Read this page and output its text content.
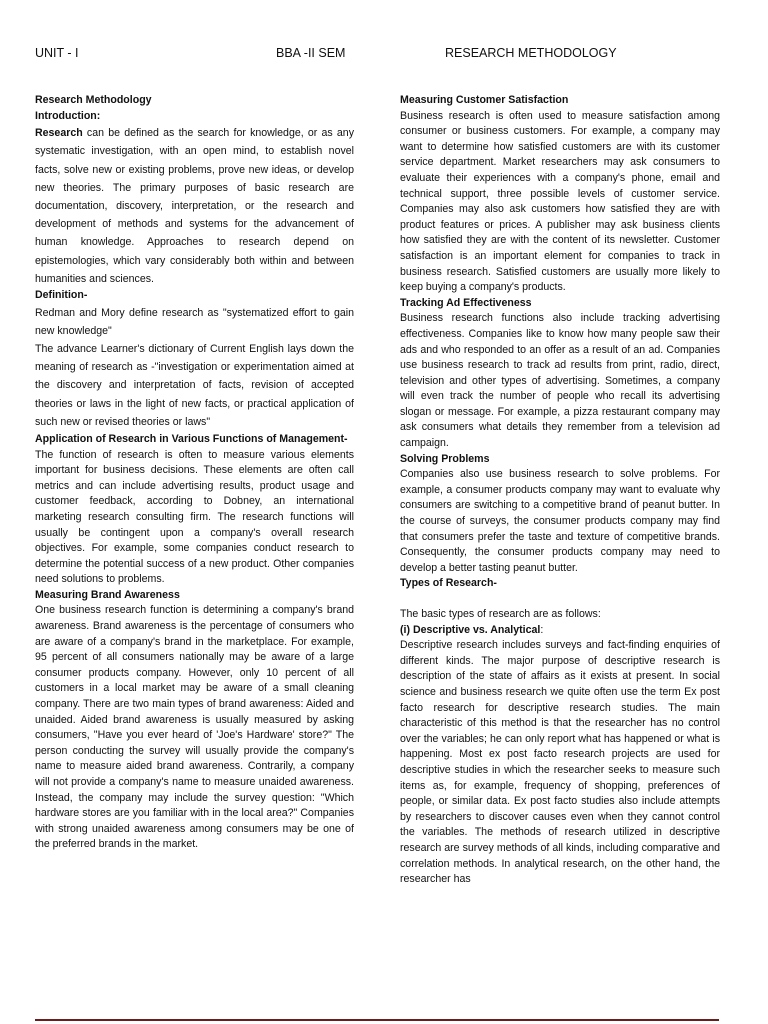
UNIT - I	BBA -II SEM	RESEARCH METHODOLOGY

Research Methodology

Introduction:

Research can be defined as the search for knowledge, or as any systematic investigation, with an open mind, to establish novel facts, solve new or existing problems, prove new ideas, or develop new theories. The primary purposes of basic research are documentation, discovery, interpretation, or the research and development of methods and systems for the advancement of human knowledge. Approaches to research depend on epistemologies, which vary considerably both within and between humanities and sciences.

Definition-

Redman and Mory define research as "systematized effort to gain new knowledge"

The advance Learner's dictionary of Current English lays down the meaning of research as -"investigation or experimentation aimed at the discovery and interpretation of facts, revision of accepted theories or laws in the light of new facts, or practical application of such new or revised theories or laws"

Application of Research in Various Functions of Management-

The function of research is often to measure various elements important for business decisions. These elements are often call metrics and can include advertising results, product usage and customer feedback, according to Dobney, an international marketing research consulting firm. The research functions will usually be contingent upon a company's overall research objectives. For example, some companies conduct research to determine the potential success of a new product. Other companies need solutions to problems.

Measuring Brand Awareness

One business research function is determining a company's brand awareness. Brand awareness is the percentage of consumers who are aware of a company's brand in the marketplace. For example, 95 percent of all consumers nationally may be aware of a large consumer products company. However, only 10 percent of all customers in a local market may be aware of a small cleaning company. There are two main types of brand awareness: Aided and unaided. Aided brand awareness is usually measured by asking consumers, "Have you ever heard of 'Joe's Hardware' store?" The person conducting the survey will usually provide the company's name to measure aided brand awareness. Contrarily, a company will not provide a company's name to measure unaided awareness. Instead, the company may include the survey question: "Which hardware stores are you familiar with in the local area?" Companies with strong unaided awareness among consumers may be one of the preferred brands in the market.

Measuring Customer Satisfaction

Business research is often used to measure satisfaction among consumer or business customers. For example, a company may want to determine how satisfied customers are with its customer service department. Market researchers may ask consumers to evaluate their experiences with a company's phone, email and technical support, three possible levels of customer service. Companies may also ask customers how satisfied they are with product features or prices. A publisher may ask business clients how satisfied they are with the content of its newsletter. Customer satisfaction is an important element for companies to track in business research. Satisfied customers are usually more likely to keep buying a company's products.

Tracking Ad Effectiveness

Business research functions also include tracking advertising effectiveness. Companies like to know how many people saw their ads and who responded to an offer as a result of an ad. Companies use business research to track ad results from print, radio, direct, television and other types of advertising. Sometimes, a company will even track the number of people who recall its advertising slogan or message. For example, a pizza restaurant company may ask consumers what details they remember from a television ad campaign.

Solving Problems

Companies also use business research to solve problems. For example, a consumer products company may want to evaluate why consumers are switching to a competitive brand of peanut butter. In the course of surveys, the consumer products company may find that consumers prefer the taste and texture of competitive brands. Consequently, the consumer products company may need to develop a better tasting peanut butter.

Types of Research-

The basic types of research are as follows:

(i) Descriptive vs. Analytical:

Descriptive research includes surveys and fact-finding enquiries of different kinds. The major purpose of descriptive research is description of the state of affairs as it exists at present. In social science and business research we quite often use the term Ex post facto research for descriptive research studies. The main characteristic of this method is that the researcher has no control over the variables; he can only report what has happened or what is happening. Most ex post facto research projects are used for descriptive studies in which the researcher seeks to measure such items as, for example, frequency of shopping, preferences of people, or similar data. Ex post facto studies also include attempts by researchers to discover causes even when they cannot control the variables. The methods of research utilized in descriptive research are survey methods of all kinds, including comparative and correlation methods. In analytical research, on the other hand, the researcher has
